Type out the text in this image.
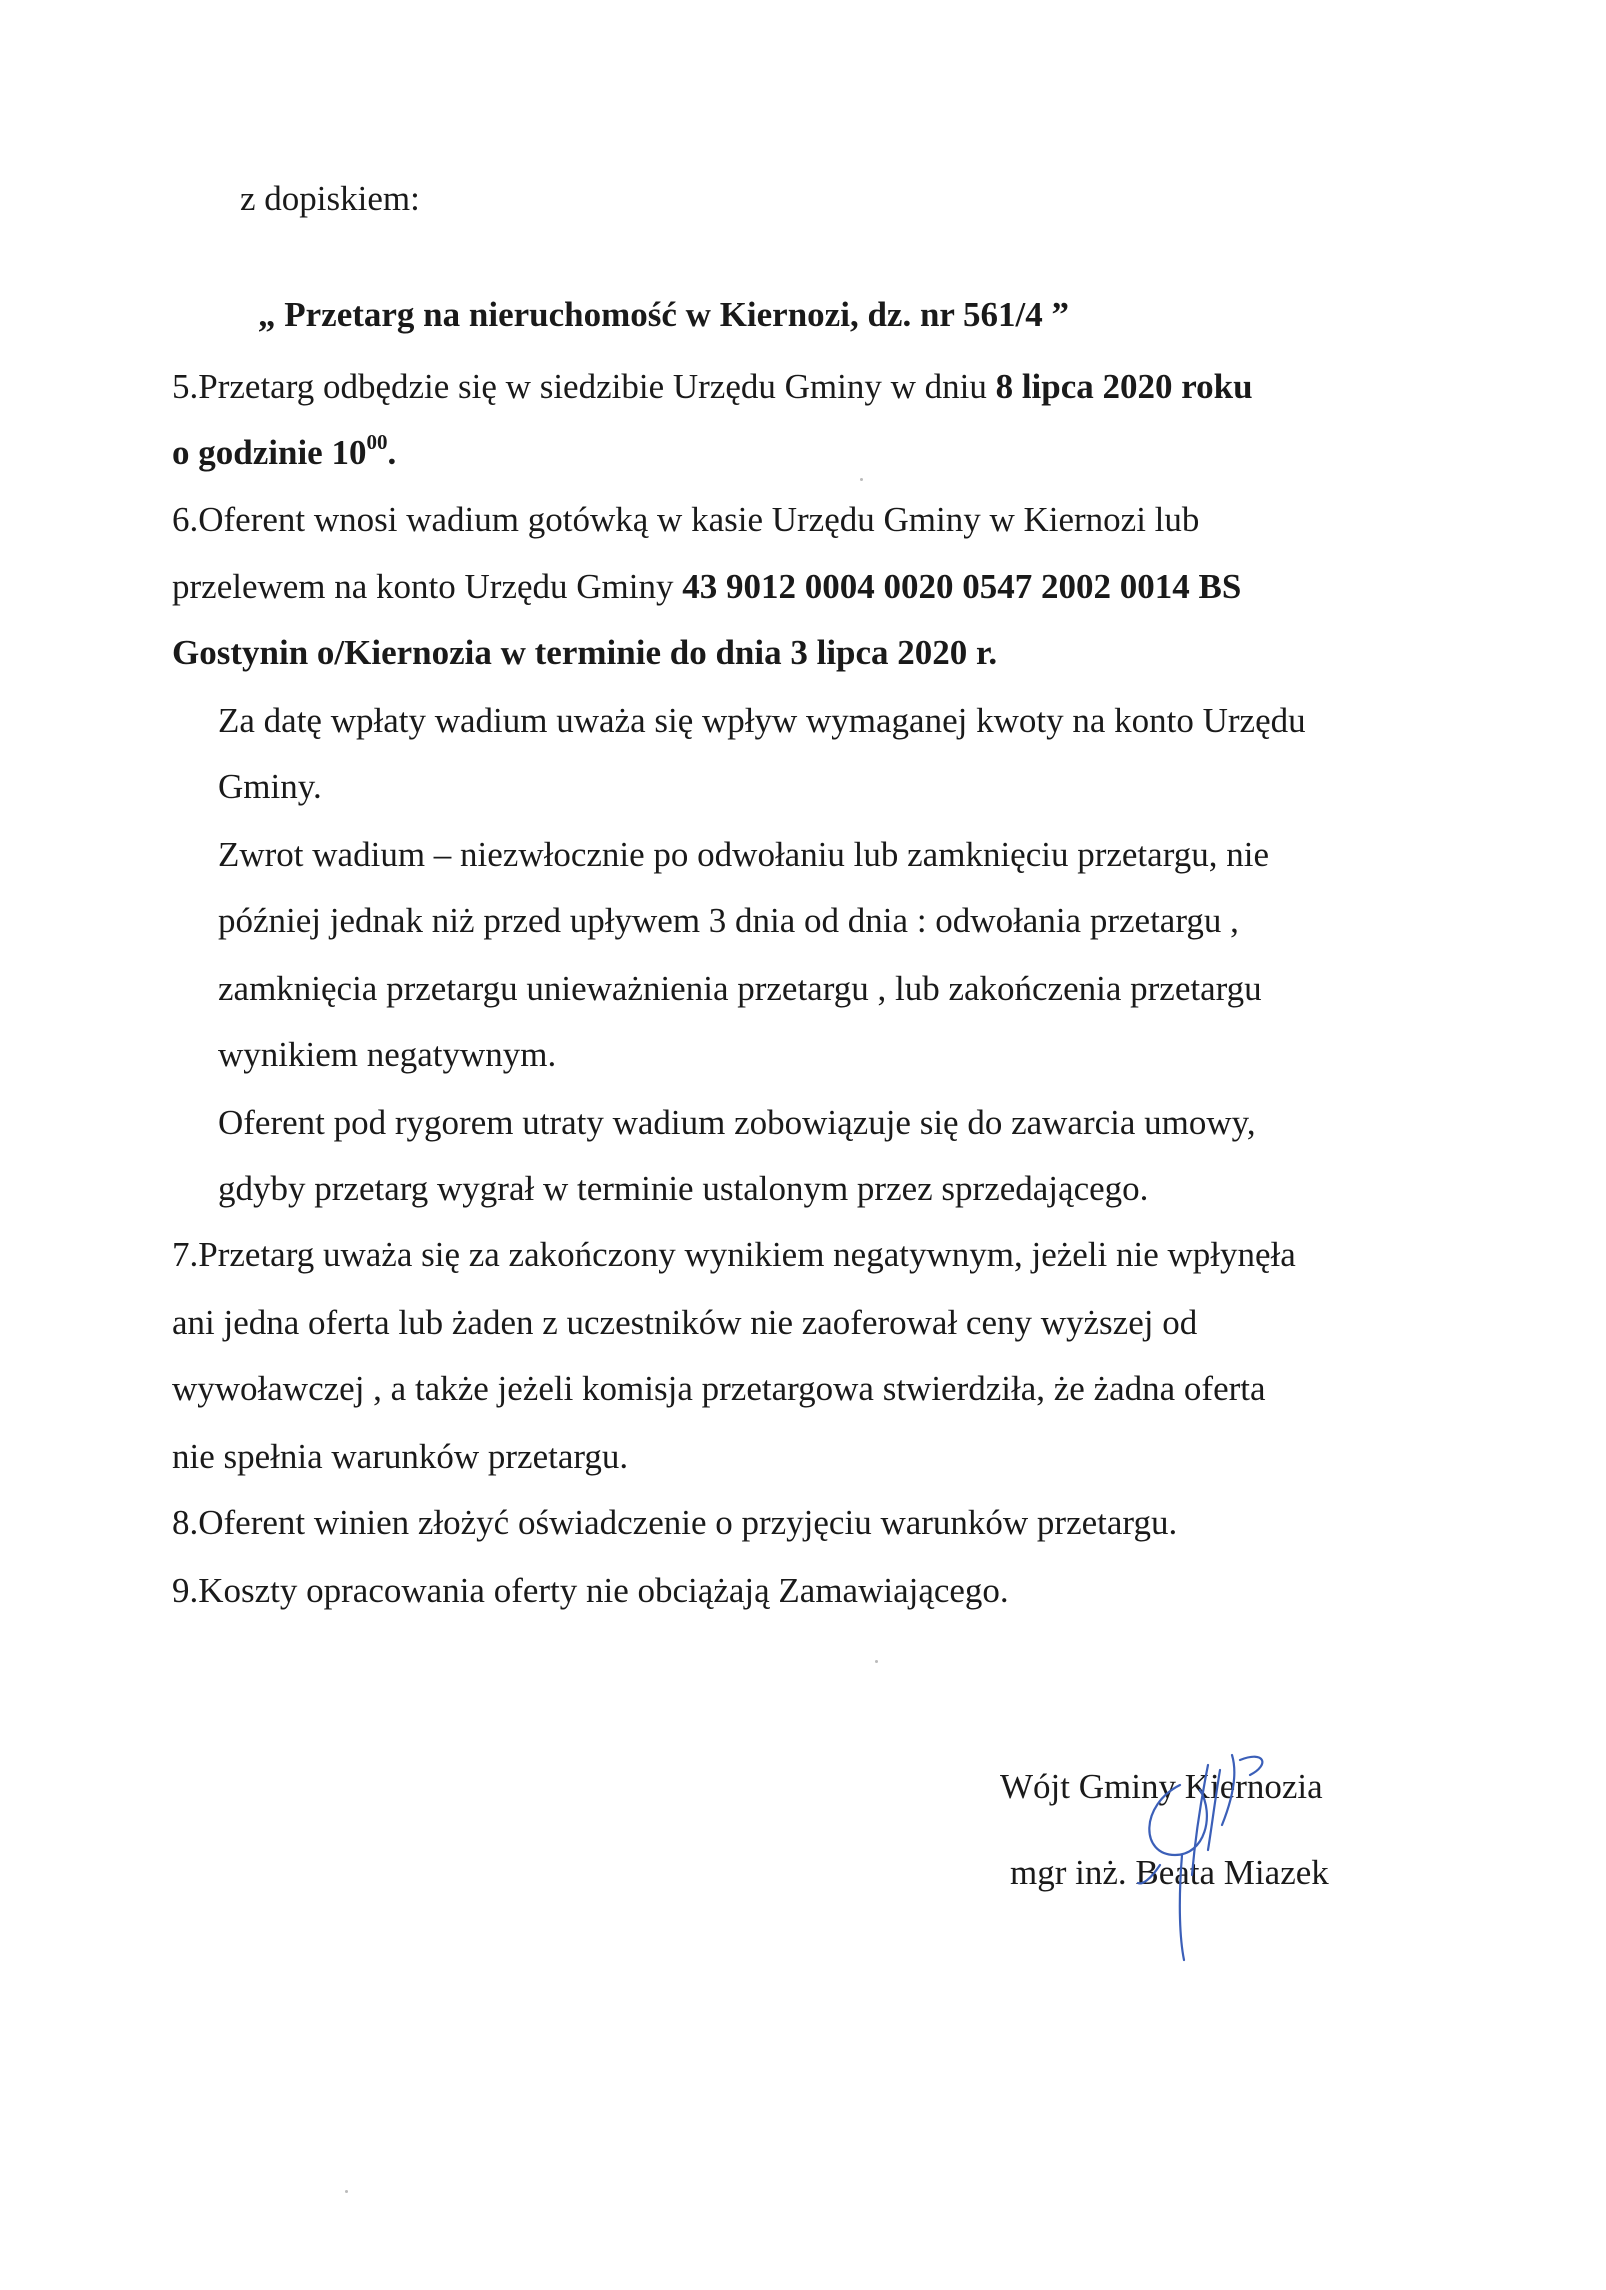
z dopiskiem:
„ Przetarg na nieruchomość w Kiernozi, dz. nr 561/4 ”
5.Przetarg odbędzie się w siedzibie Urzędu Gminy w dniu 8 lipca 2020 roku
o godzinie $10^{00}$.
6.Oferent wnosi wadium gotówką w kasie Urzędu Gminy w Kiernozi lub
przelewem na konto Urzędu Gminy 43 9012 0004 0020 0547 2002 0014 BS
Gostynin o/Kiernozia w terminie do dnia 3 lipca 2020 r.
Za datę wpłaty wadium uważa się wpływ wymaganej kwoty na konto Urzędu
Gminy.
Zwrot wadium – niezwłocznie po odwołaniu lub zamknięciu przetargu, nie
później jednak niż przed upływem 3 dnia od dnia : odwołania przetargu ,
zamknięcia przetargu unieważnienia przetargu , lub zakończenia przetargu
wynikiem negatywnym.
Oferent pod rygorem utraty wadium zobowiązuje się do zawarcia umowy,
gdyby przetarg wygrał w terminie ustalonym przez sprzedającego.
7.Przetarg uważa się za zakończony wynikiem negatywnym, jeżeli nie wpłynęła
ani jedna oferta lub żaden z uczestników nie zaoferował ceny wyższej od
wywoławczej , a także jeżeli komisja przetargowa stwierdziła, że żadna oferta
nie spełnia warunków przetargu.
8.Oferent winien złożyć oświadczenie o przyjęciu warunków przetargu.
9.Koszty opracowania oferty nie obciążają Zamawiającego.
Wójt Gminy Kiernozia
mgr inż. Beata Miazek
